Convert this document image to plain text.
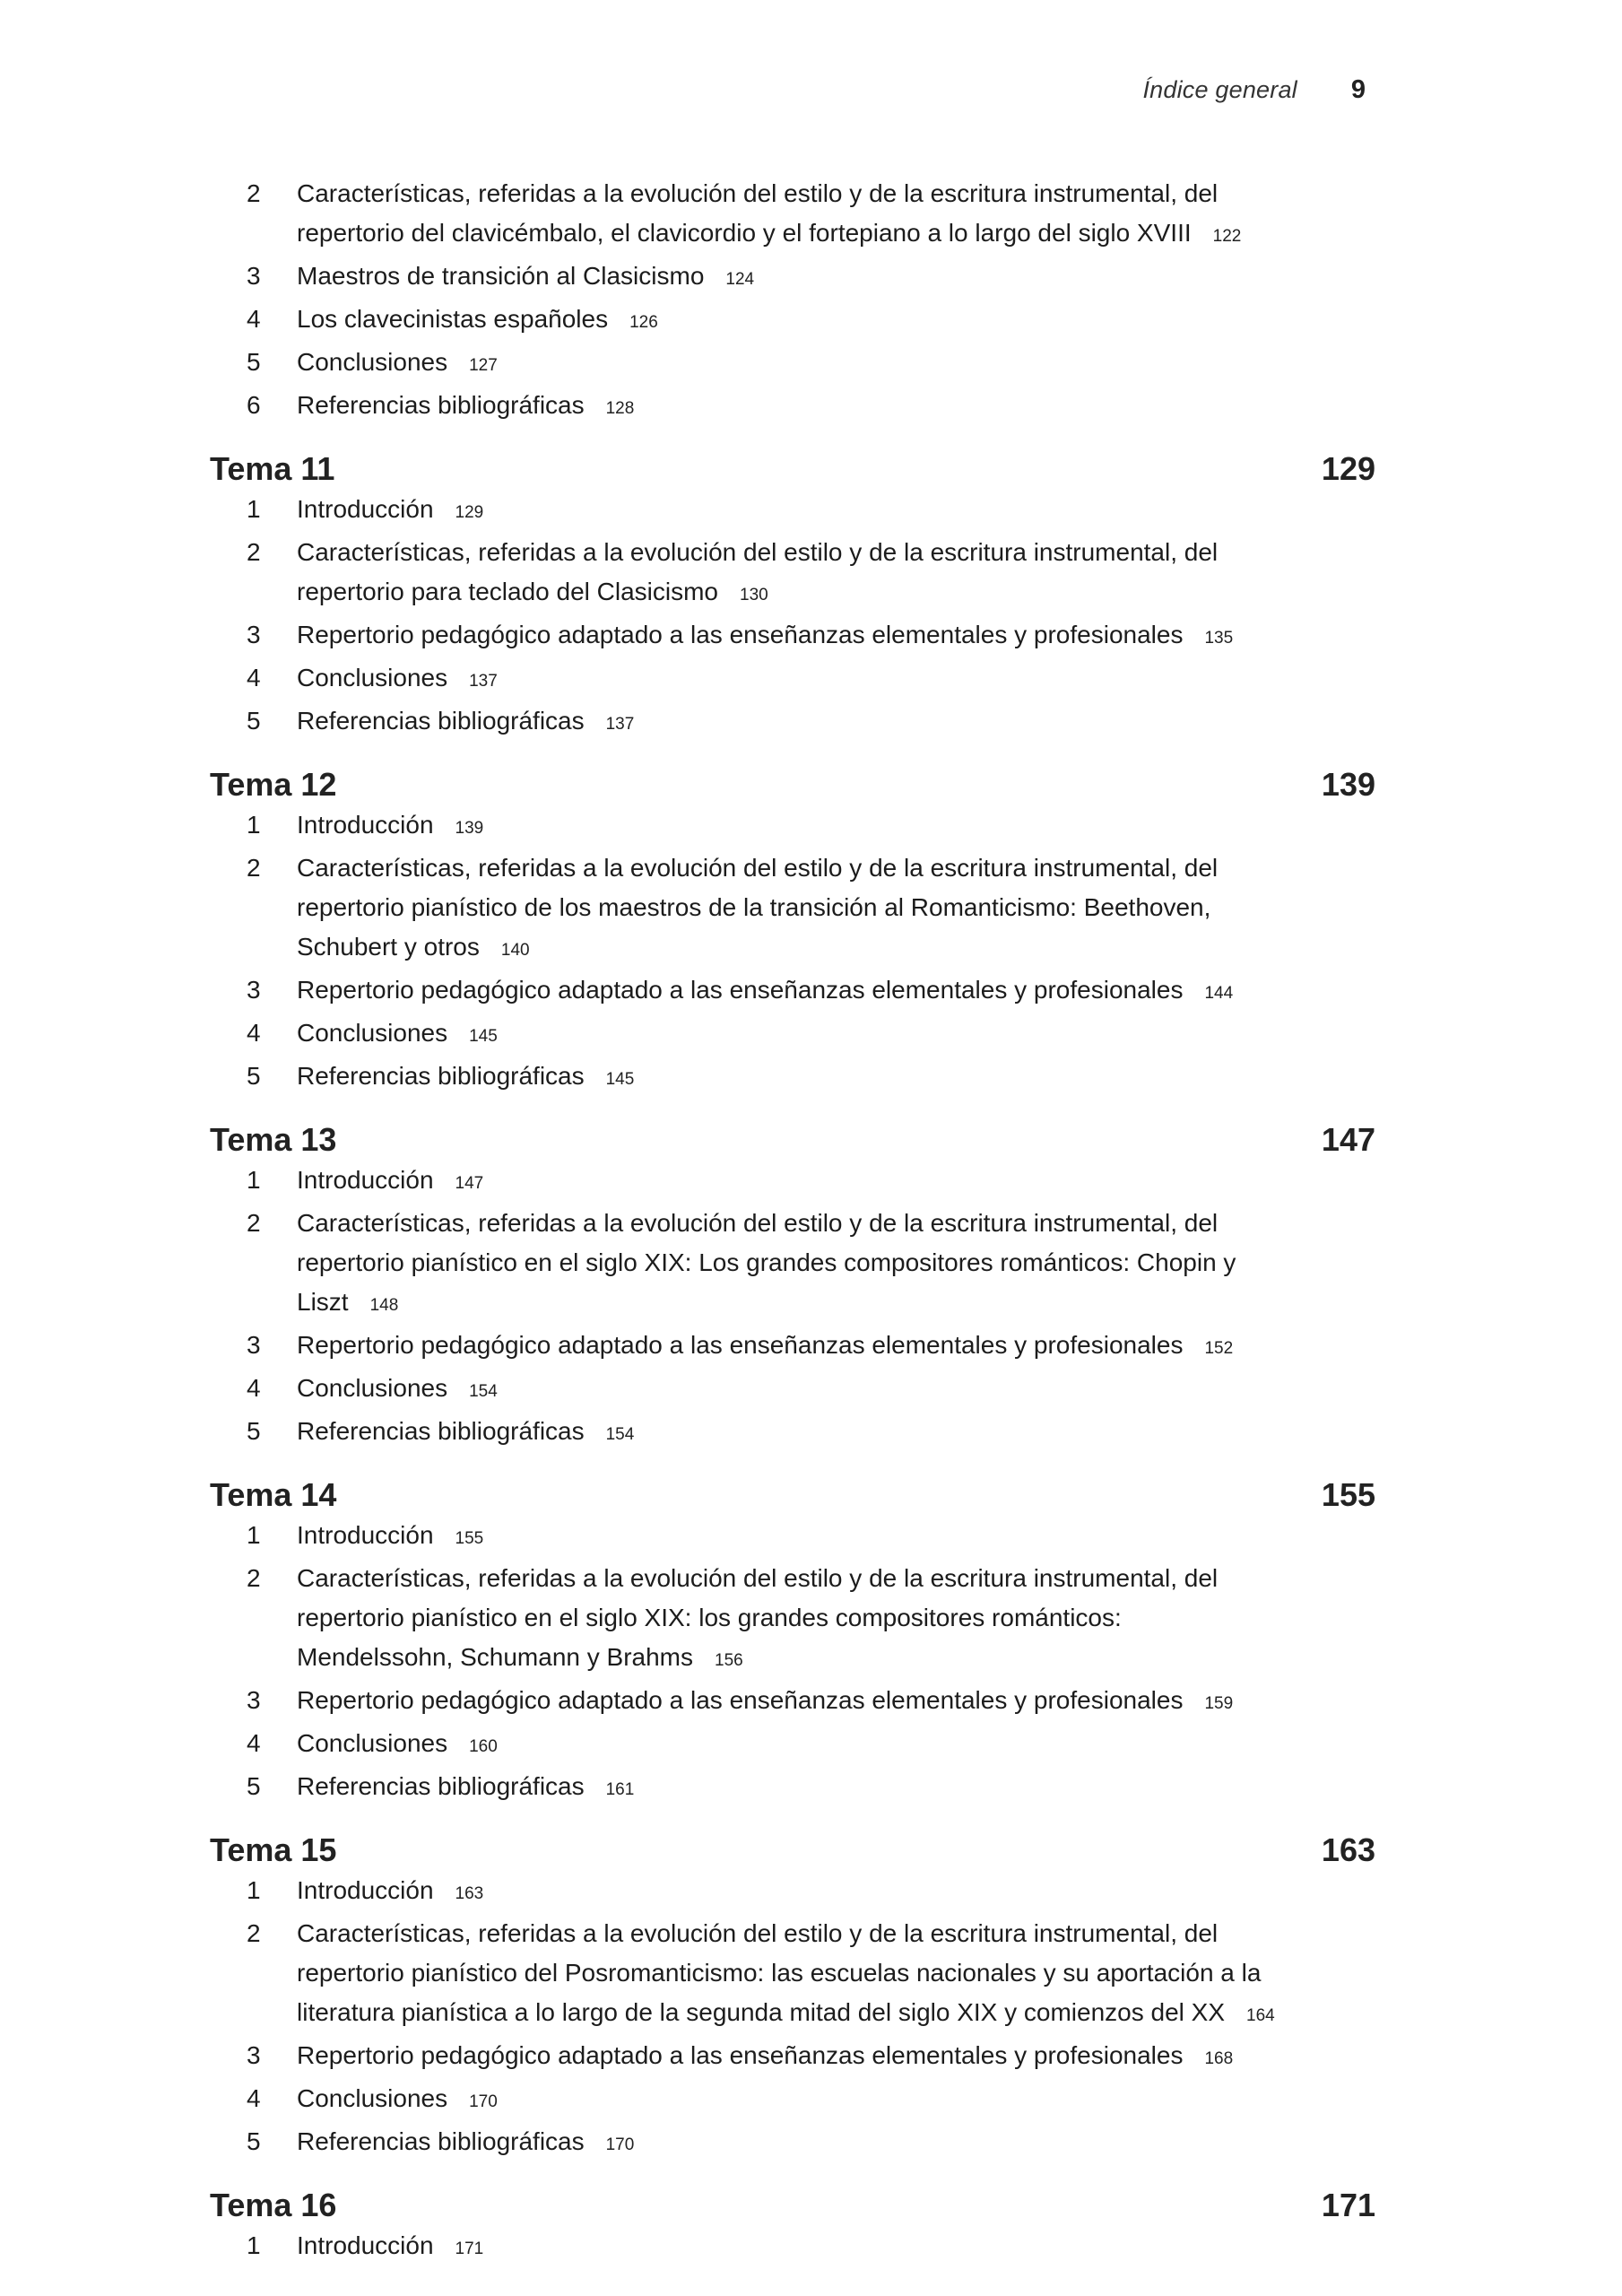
Índice general 9
2	Características, referidas a la evolución del estilo y de la escritura instrumental, del repertorio del clavicémbalo, el clavicordio y el fortepiano a lo largo del siglo XVIII 122
3	Maestros de transición al Clasicismo 124
4	Los clavecinistas españoles 126
5	Conclusiones 127
6	Referencias bibliográficas 128
Tema 11	129
1	Introducción 129
2	Características, referidas a la evolución del estilo y de la escritura instrumental, del repertorio para teclado del Clasicismo 130
3	Repertorio pedagógico adaptado a las enseñanzas elementales y profesionales 135
4	Conclusiones 137
5	Referencias bibliográficas 137
Tema 12	139
1	Introducción 139
2	Características, referidas a la evolución del estilo y de la escritura instrumental, del repertorio pianístico de los maestros de la transición al Romanticismo: Beethoven, Schubert y otros 140
3	Repertorio pedagógico adaptado a las enseñanzas elementales y profesionales 144
4	Conclusiones 145
5	Referencias bibliográficas 145
Tema 13	147
1	Introducción 147
2	Características, referidas a la evolución del estilo y de la escritura instrumental, del repertorio pianístico en el siglo XIX: Los grandes compositores románticos: Chopin y Liszt 148
3	Repertorio pedagógico adaptado a las enseñanzas elementales y profesionales 152
4	Conclusiones 154
5	Referencias bibliográficas 154
Tema 14	155
1	Introducción 155
2	Características, referidas a la evolución del estilo y de la escritura instrumental, del repertorio pianístico en el siglo XIX: los grandes compositores románticos: Mendelssohn, Schumann y Brahms 156
3	Repertorio pedagógico adaptado a las enseñanzas elementales y profesionales 159
4	Conclusiones 160
5	Referencias bibliográficas 161
Tema 15	163
1	Introducción 163
2	Características, referidas a la evolución del estilo y de la escritura instrumental, del repertorio pianístico del Posromanticismo: las escuelas nacionales y su aportación a la literatura pianística a lo largo de la segunda mitad del siglo XIX y comienzos del XX 164
3	Repertorio pedagógico adaptado a las enseñanzas elementales y profesionales 168
4	Conclusiones 170
5	Referencias bibliográficas 170
Tema 16	171
1	Introducción 171
